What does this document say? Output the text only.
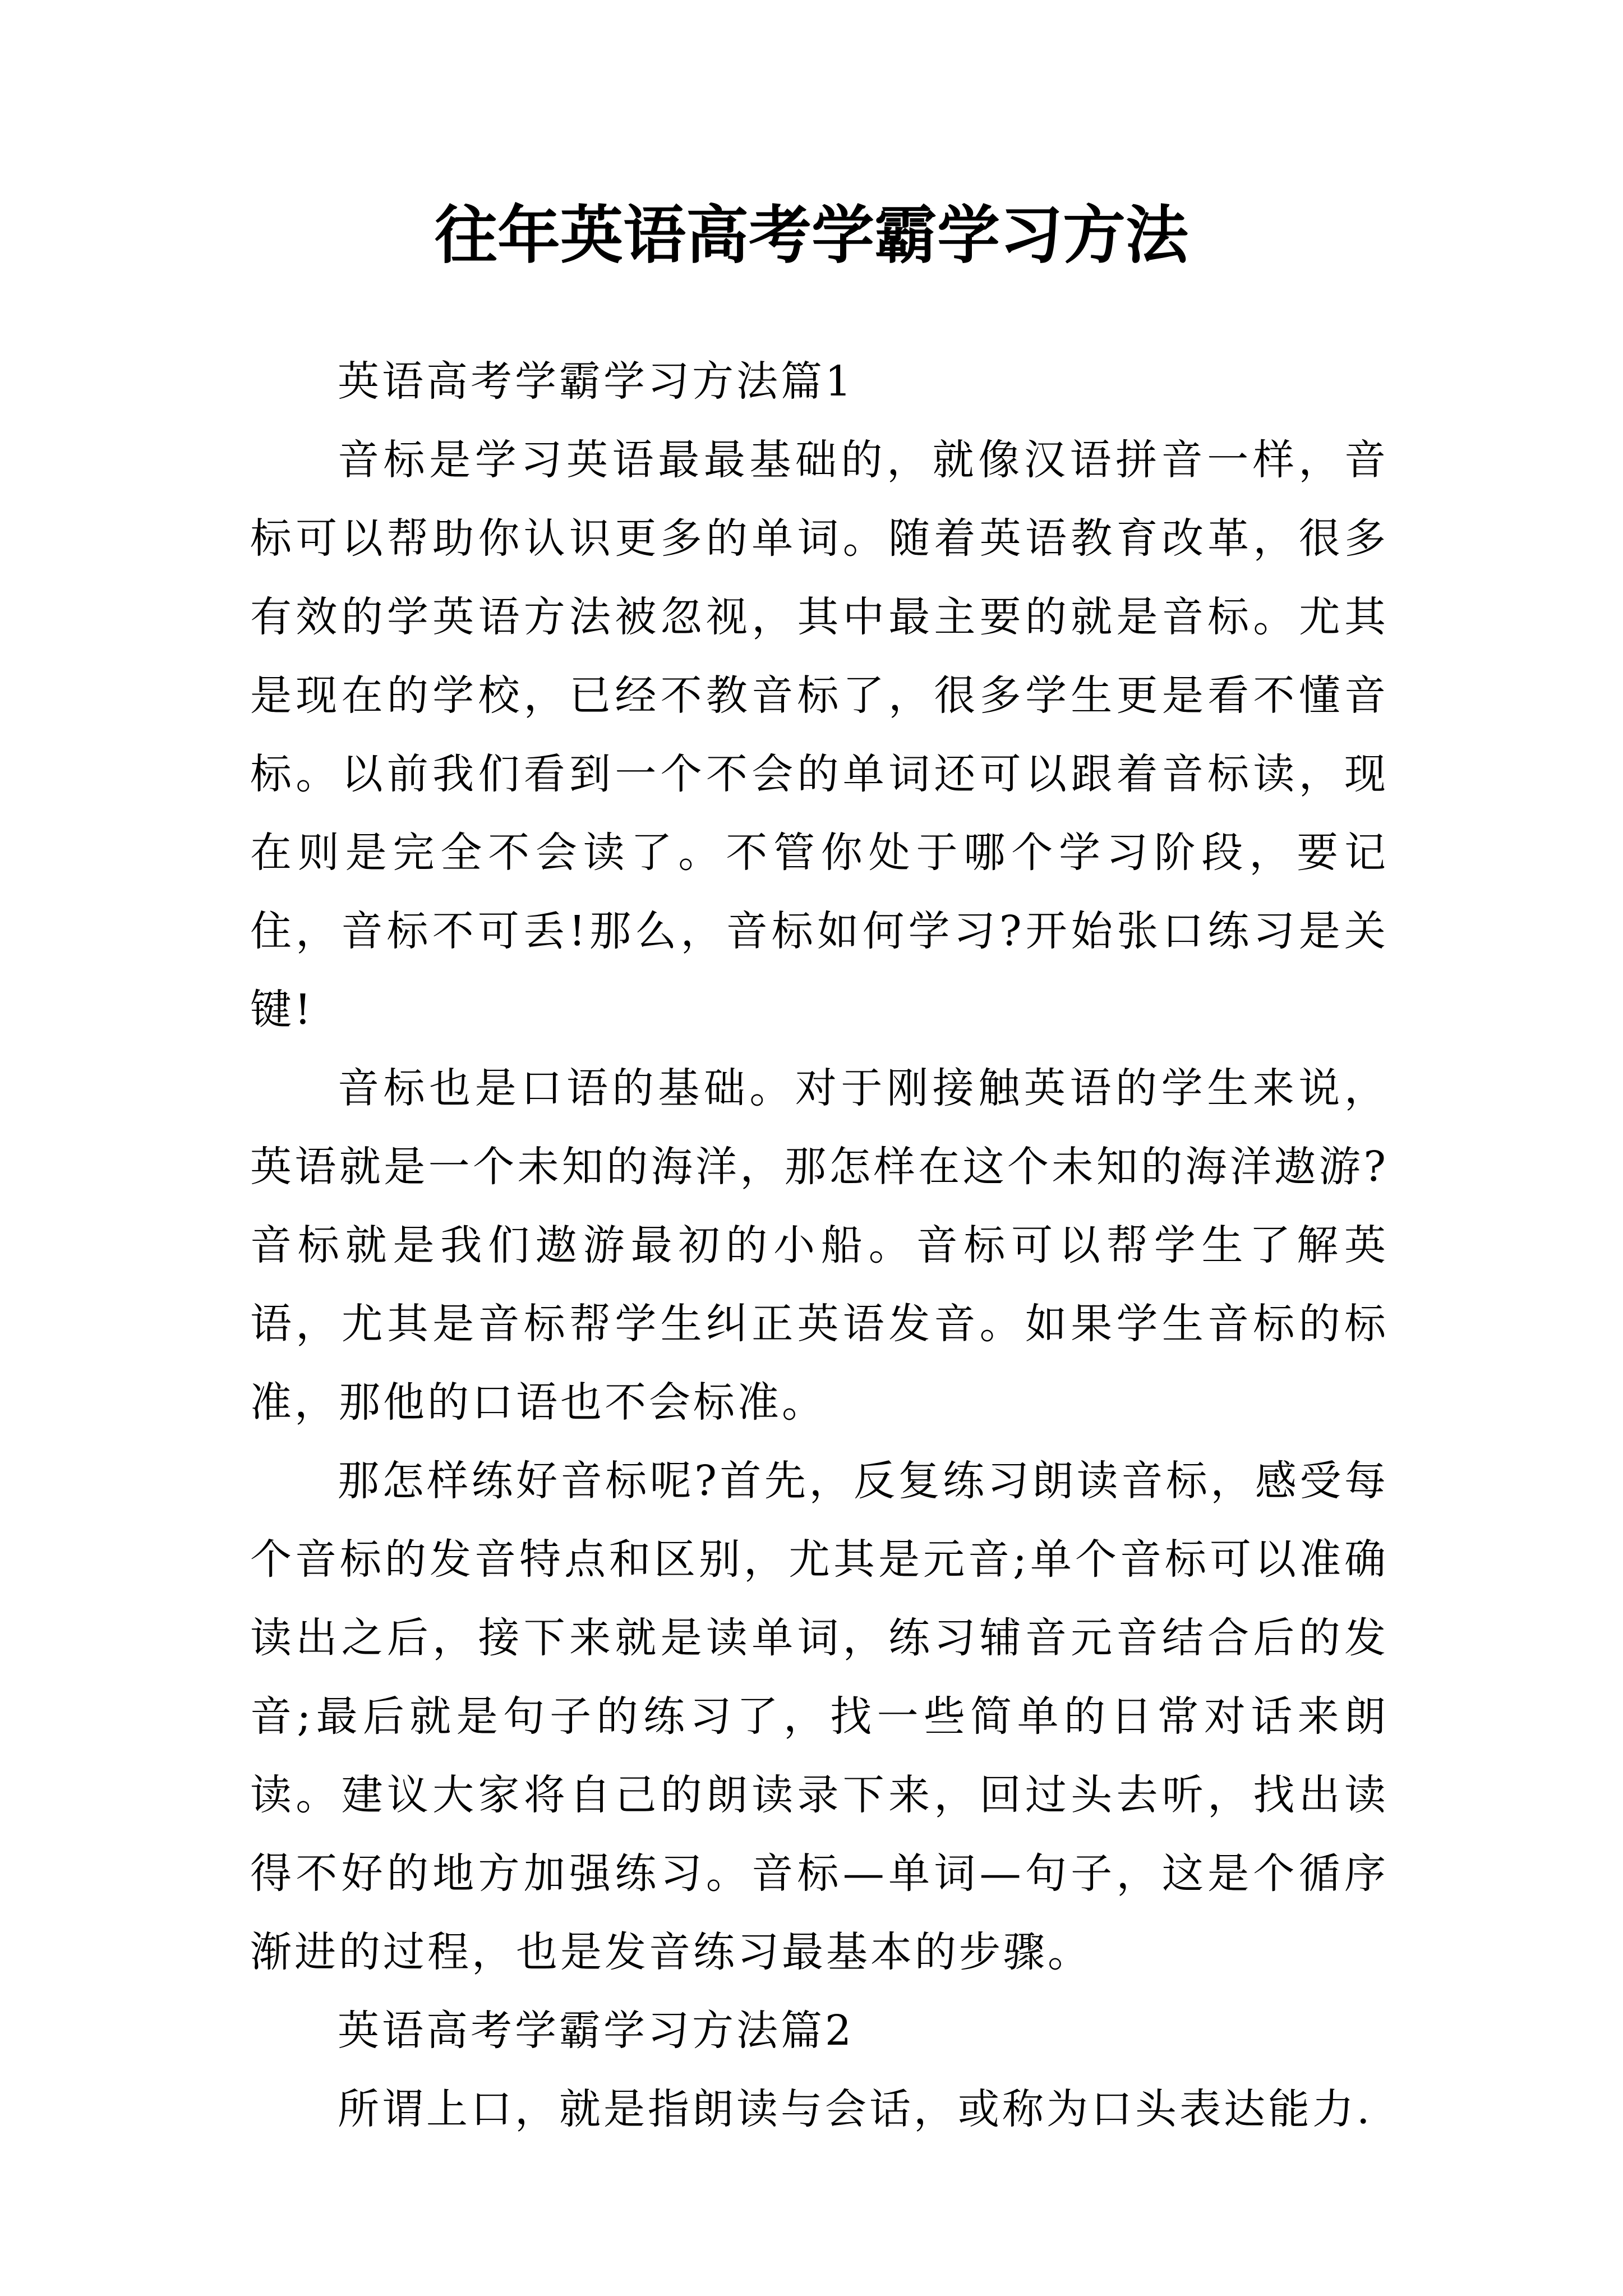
往年英语高考学霸学习方法

英语高考学霸学习方法篇1

音标是学习英语最最基础的，就像汉语拼音一样，音标可以帮助你认识更多的单词。随着英语教育改革，很多有效的学英语方法被忽视，其中最主要的就是音标。尤其是现在的学校，已经不教音标了，很多学生更是看不懂音标。以前我们看到一个不会的单词还可以跟着音标读，现在则是完全不会读了。不管你处于哪个学习阶段，要记住，音标不可丢!那么，音标如何学习?开始张口练习是关键!

音标也是口语的基础。对于刚接触英语的学生来说，英语就是一个未知的海洋，那怎样在这个未知的海洋遨游?音标就是我们遨游最初的小船。音标可以帮学生了解英语，尤其是音标帮学生纠正英语发音。如果学生音标的标准，那他的口语也不会标准。

那怎样练好音标呢?首先，反复练习朗读音标，感受每个音标的发音特点和区别，尤其是元音;单个音标可以准确读出之后，接下来就是读单词，练习辅音元音结合后的发音;最后就是句子的练习了，找一些简单的日常对话来朗读。建议大家将自己的朗读录下来，回过头去听，找出读得不好的地方加强练习。音标—单词—句子，这是个循序渐进的过程，也是发音练习最基本的步骤。

英语高考学霸学习方法篇2

所谓上口，就是指朗读与会话，或称为口头表达能力.
